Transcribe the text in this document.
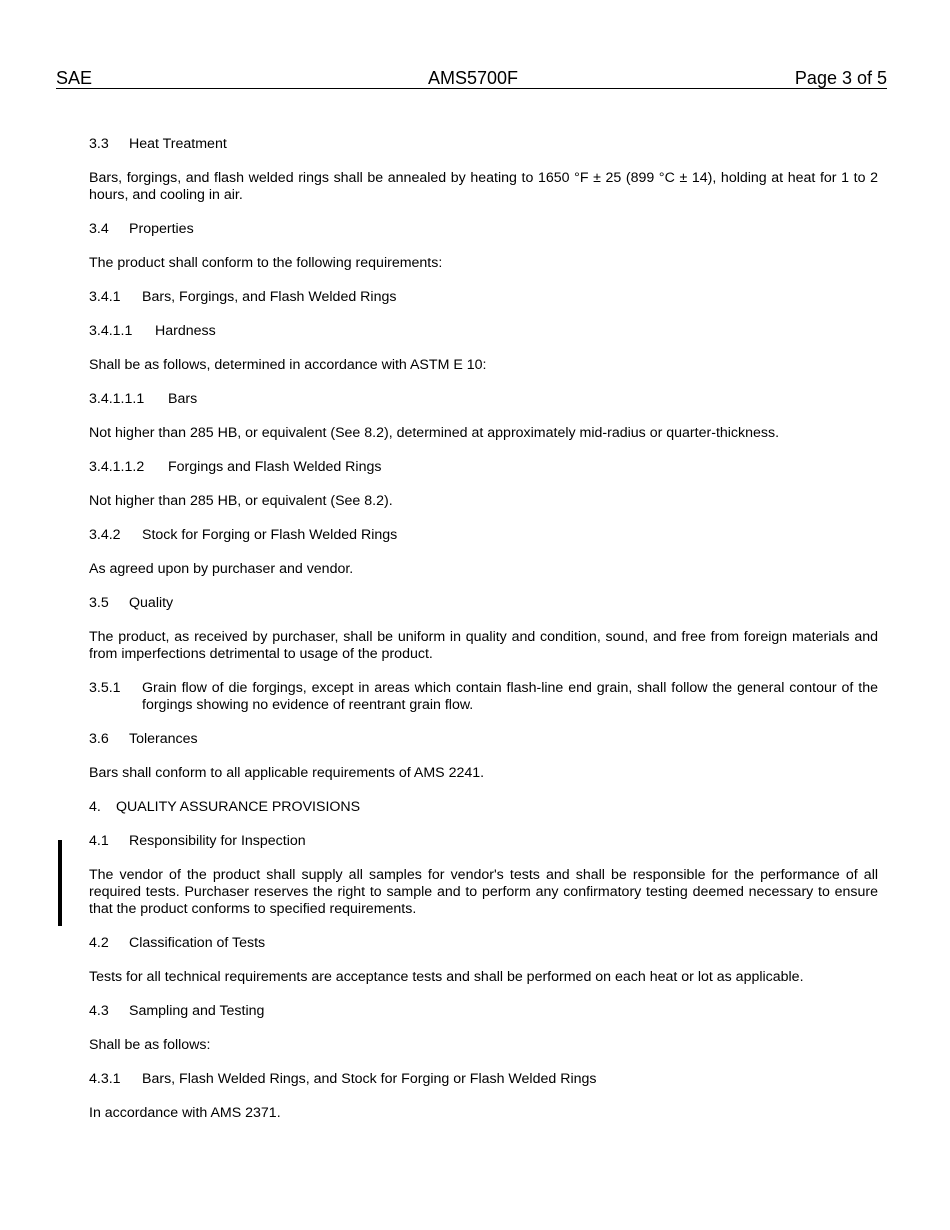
SAE	AMS5700F	Page 3 of 5
3.3 Heat Treatment
Bars, forgings, and flash welded rings shall be annealed by heating to 1650 °F ± 25 (899 °C ± 14), holding at heat for 1 to 2 hours, and cooling in air.
3.4 Properties
The product shall conform to the following requirements:
3.4.1 Bars, Forgings, and Flash Welded Rings
3.4.1.1 Hardness
Shall be as follows, determined in accordance with ASTM E 10:
3.4.1.1.1 Bars
Not higher than 285 HB, or equivalent (See 8.2), determined at approximately mid-radius or quarter-thickness.
3.4.1.1.2 Forgings and Flash Welded Rings
Not higher than 285 HB, or equivalent (See 8.2).
3.4.2 Stock for Forging or Flash Welded Rings
As agreed upon by purchaser and vendor.
3.5 Quality
The product, as received by purchaser, shall be uniform in quality and condition, sound, and free from foreign materials and from imperfections detrimental to usage of the product.
3.5.1	Grain flow of die forgings, except in areas which contain flash-line end grain, shall follow the general contour of the forgings showing no evidence of reentrant grain flow.
3.6 Tolerances
Bars shall conform to all applicable requirements of AMS 2241.
4. QUALITY ASSURANCE PROVISIONS
4.1 Responsibility for Inspection
The vendor of the product shall supply all samples for vendor's tests and shall be responsible for the performance of all required tests. Purchaser reserves the right to sample and to perform any confirmatory testing deemed necessary to ensure that the product conforms to specified requirements.
4.2 Classification of Tests
Tests for all technical requirements are acceptance tests and shall be performed on each heat or lot as applicable.
4.3 Sampling and Testing
Shall be as follows:
4.3.1 Bars, Flash Welded Rings, and Stock for Forging or Flash Welded Rings
In accordance with AMS 2371.
